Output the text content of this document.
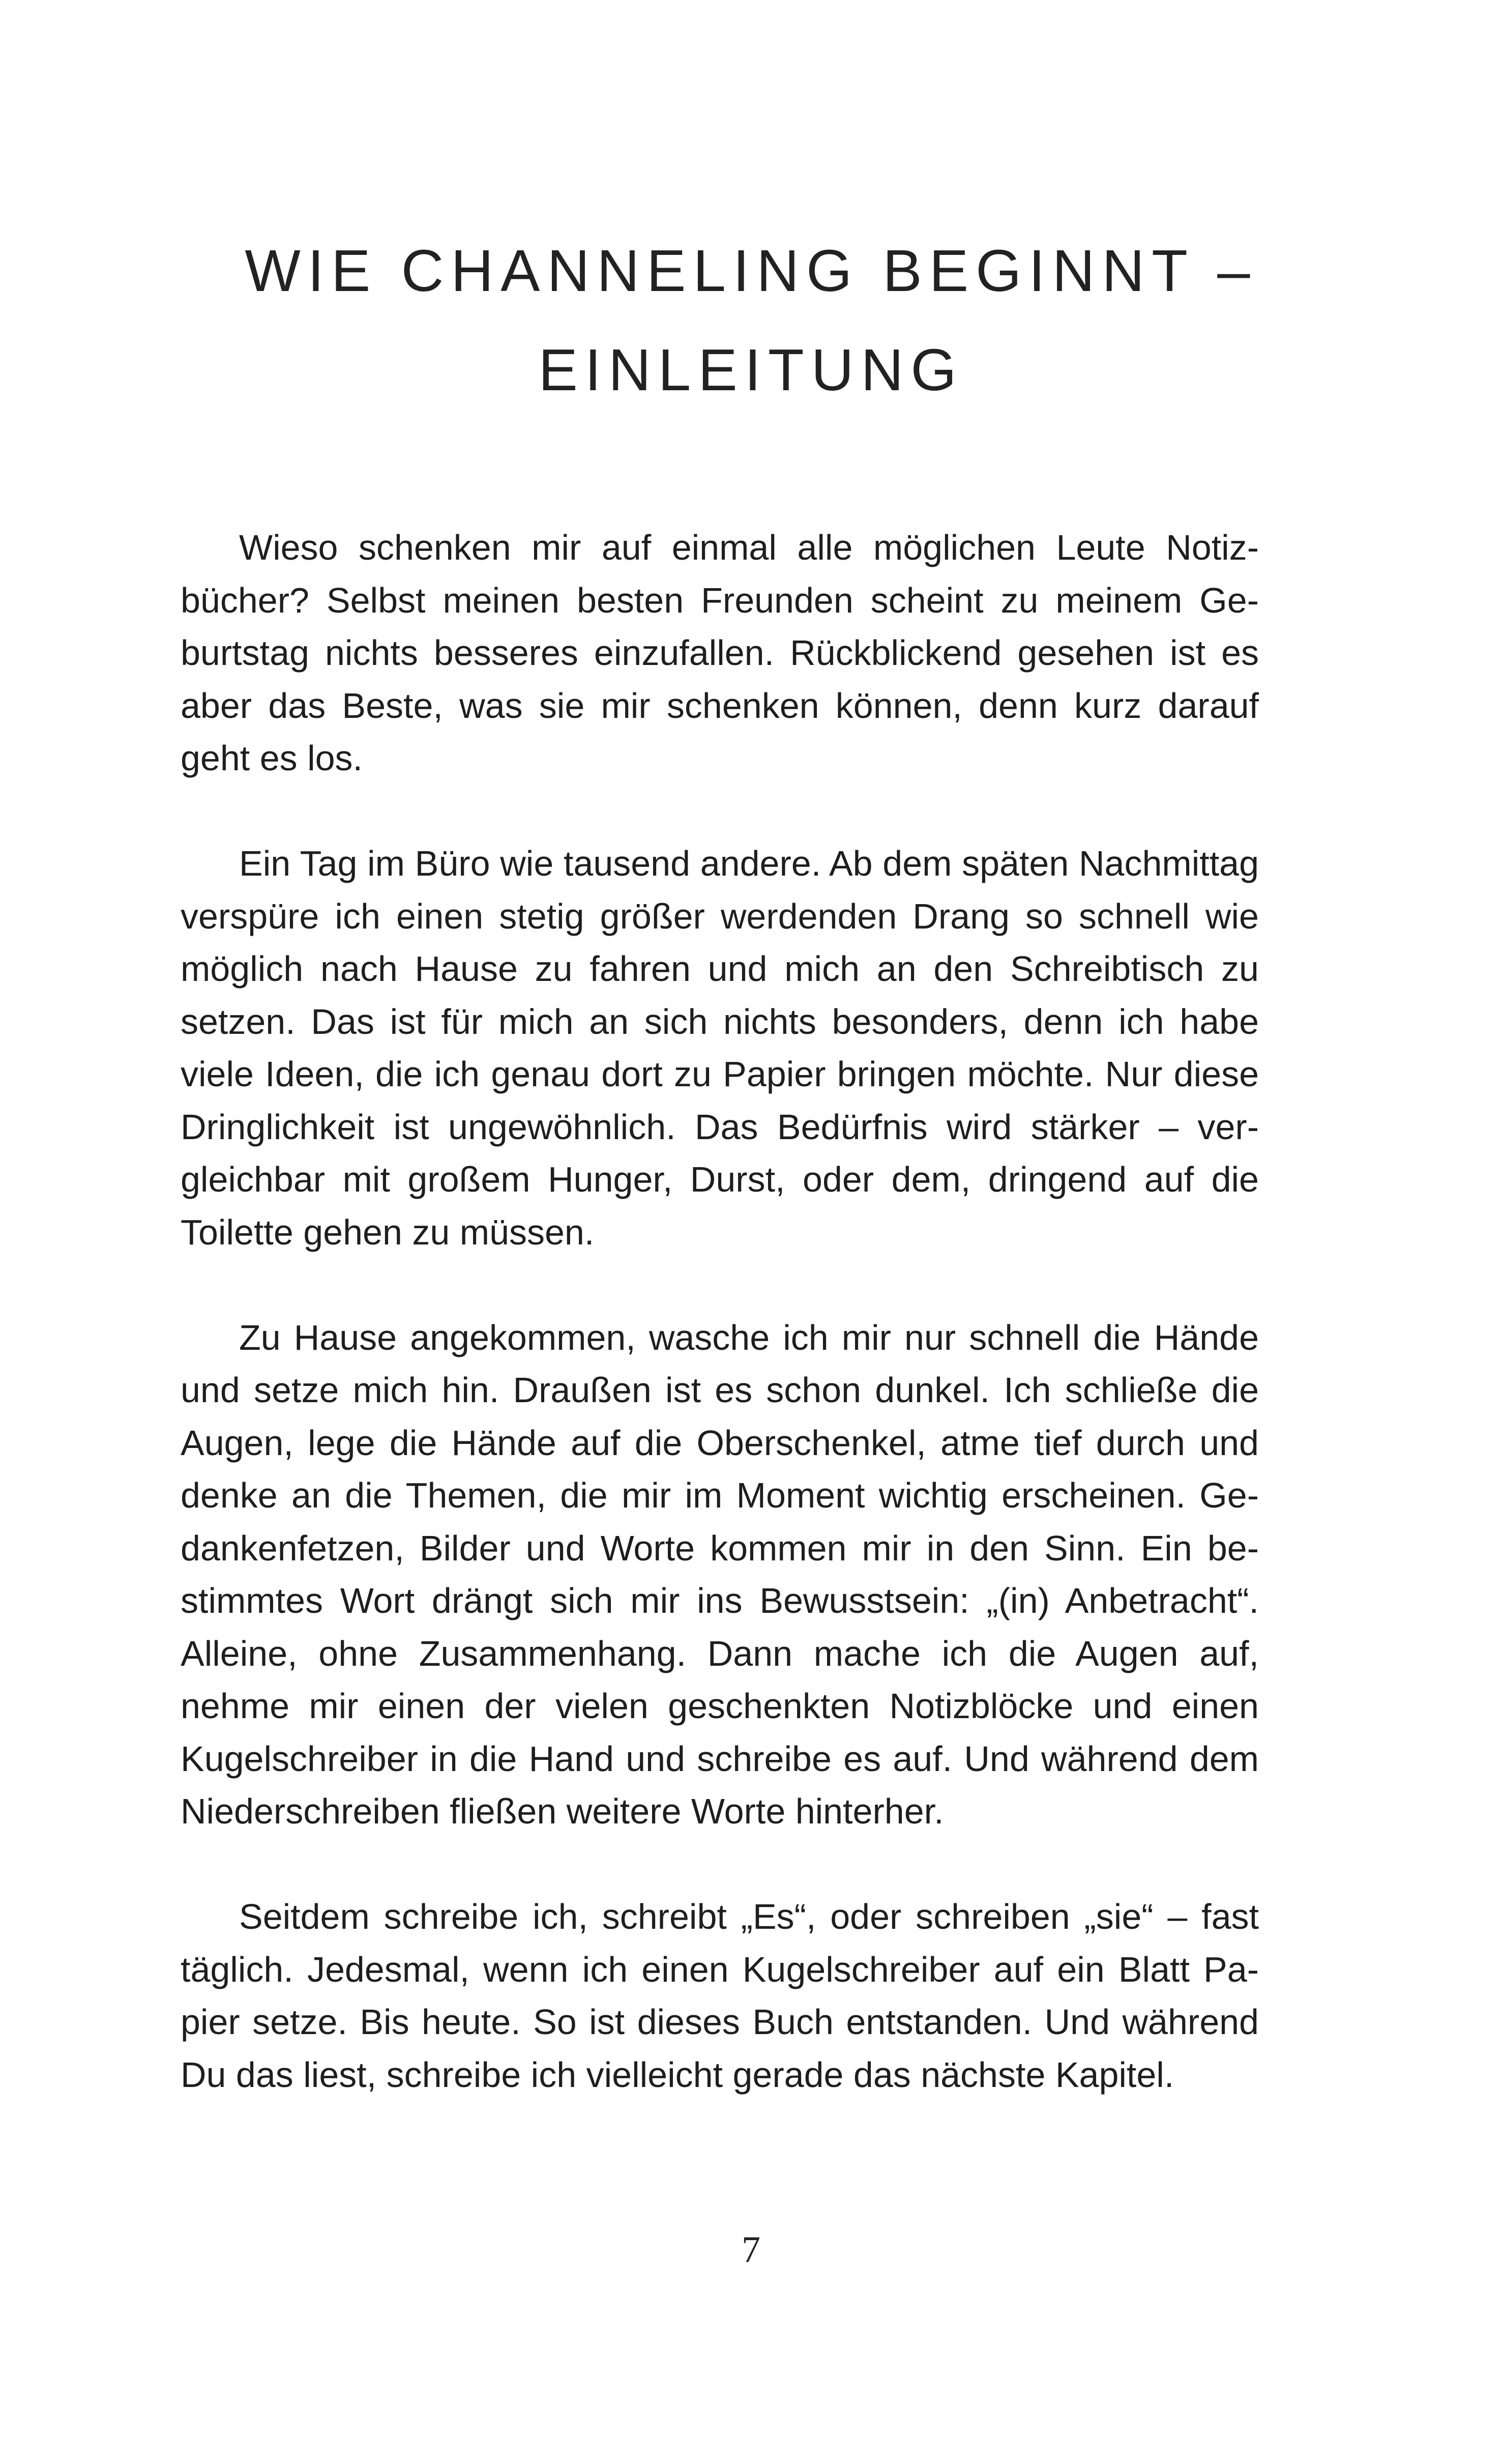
WIE CHANNELING BEGINNT –
EINLEITUNG

Wieso schenken mir auf einmal alle möglichen Leute Notizbücher? Selbst meinen besten Freunden scheint zu meinem Geburtstag nichts besseres einzufallen. Rückblickend gesehen ist es aber das Beste, was sie mir schenken können, denn kurz darauf geht es los.

Ein Tag im Büro wie tausend andere. Ab dem späten Nachmittag verspüre ich einen stetig größer werdenden Drang so schnell wie möglich nach Hause zu fahren und mich an den Schreibtisch zu setzen. Das ist für mich an sich nichts besonders, denn ich habe viele Ideen, die ich genau dort zu Papier bringen möchte. Nur diese Dringlichkeit ist ungewöhnlich. Das Bedürfnis wird stärker – vergleichbar mit großem Hunger, Durst, oder dem, dringend auf die Toilette gehen zu müssen.

Zu Hause angekommen, wasche ich mir nur schnell die Hände und setze mich hin. Draußen ist es schon dunkel. Ich schließe die Augen, lege die Hände auf die Oberschenkel, atme tief durch und denke an die Themen, die mir im Moment wichtig erscheinen. Gedankenfetzen, Bilder und Worte kommen mir in den Sinn. Ein bestimmtes Wort drängt sich mir ins Bewusstsein: „(in) Anbetracht“. Alleine, ohne Zusammenhang. Dann mache ich die Augen auf, nehme mir einen der vielen geschenkten Notizblöcke und einen Kugelschreiber in die Hand und schreibe es auf. Und während dem Niederschreiben fließen weitere Worte hinterher.

Seitdem schreibe ich, schreibt „Es“, oder schreiben „sie“ – fast täglich. Jedesmal, wenn ich einen Kugelschreiber auf ein Blatt Papier setze. Bis heute. So ist dieses Buch entstanden. Und während Du das liest, schreibe ich vielleicht gerade das nächste Kapitel.

7
